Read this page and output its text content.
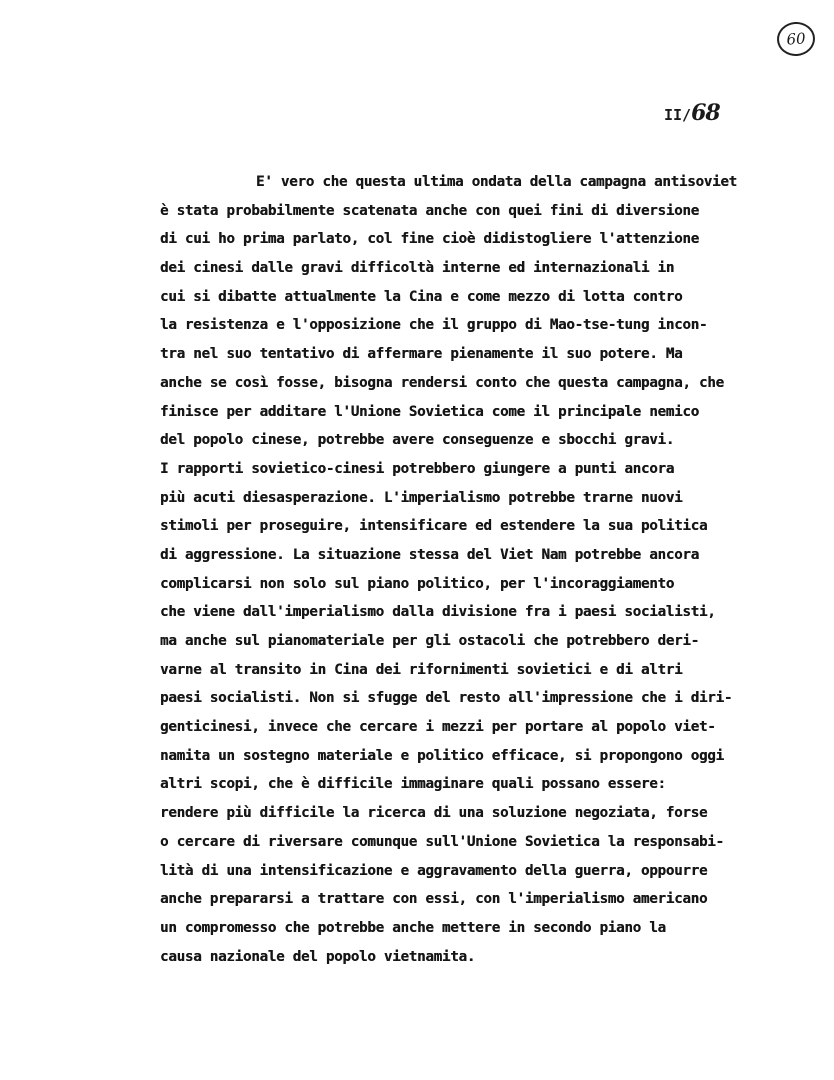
60
II/68
E' vero che questa ultima ondata della campagna antisoviet
è stata probabilmente scatenata anche con quei fini di diversione
di cui ho prima parlato, col fine cioè didistogliere l'attenzione
dei cinesi dalle gravi difficoltà interne ed internazionali in
cui si dibatte attualmente la Cina e come mezzo di lotta contro
la resistenza e l'opposizione che il gruppo di Mao-tse-tung incon-
tra nel suo tentativo di affermare pienamente il suo potere. Ma
anche se così fosse, bisogna rendersi conto che questa campagna, che
finisce per additare l'Unione Sovietica come il principale nemico
del popolo cinese, potrebbe avere conseguenze e sbocchi gravi.
I rapporti sovietico-cinesi potrebbero giungere a punti ancora
più acuti diesasperazione. L'imperialismo potrebbe trarne nuovi
stimoli per proseguire, intensificare ed estendere la sua politica
di aggressione. La situazione stessa del Viet Nam potrebbe ancora
complicarsi non solo sul piano politico, per l'incoraggiamento
che viene dall'imperialismo dalla divisione fra i paesi socialisti,
ma anche sul pianomateriale per gli ostacoli che potrebbero deri-
varne al transito in Cina dei rifornimenti sovietici e di altri
paesi socialisti. Non si sfugge del resto all'impressione che i diri-
genticinesi, invece che cercare i mezzi per portare al popolo viet-
namita un sostegno materiale e politico efficace, si propongono oggi
altri scopi, che è difficile immaginare quali possano essere:
rendere più difficile la ricerca di una soluzione negoziata, forse
o cercare di riversare comunque sull'Unione Sovietica la responsabi-
lità di una intensificazione e aggravamento della guerra, oppourre
anche prepararsi a trattare con essi, con l'imperialismo americano
un compromesso che potrebbe anche mettere in secondo piano la
causa nazionale del popolo vietnamita.
